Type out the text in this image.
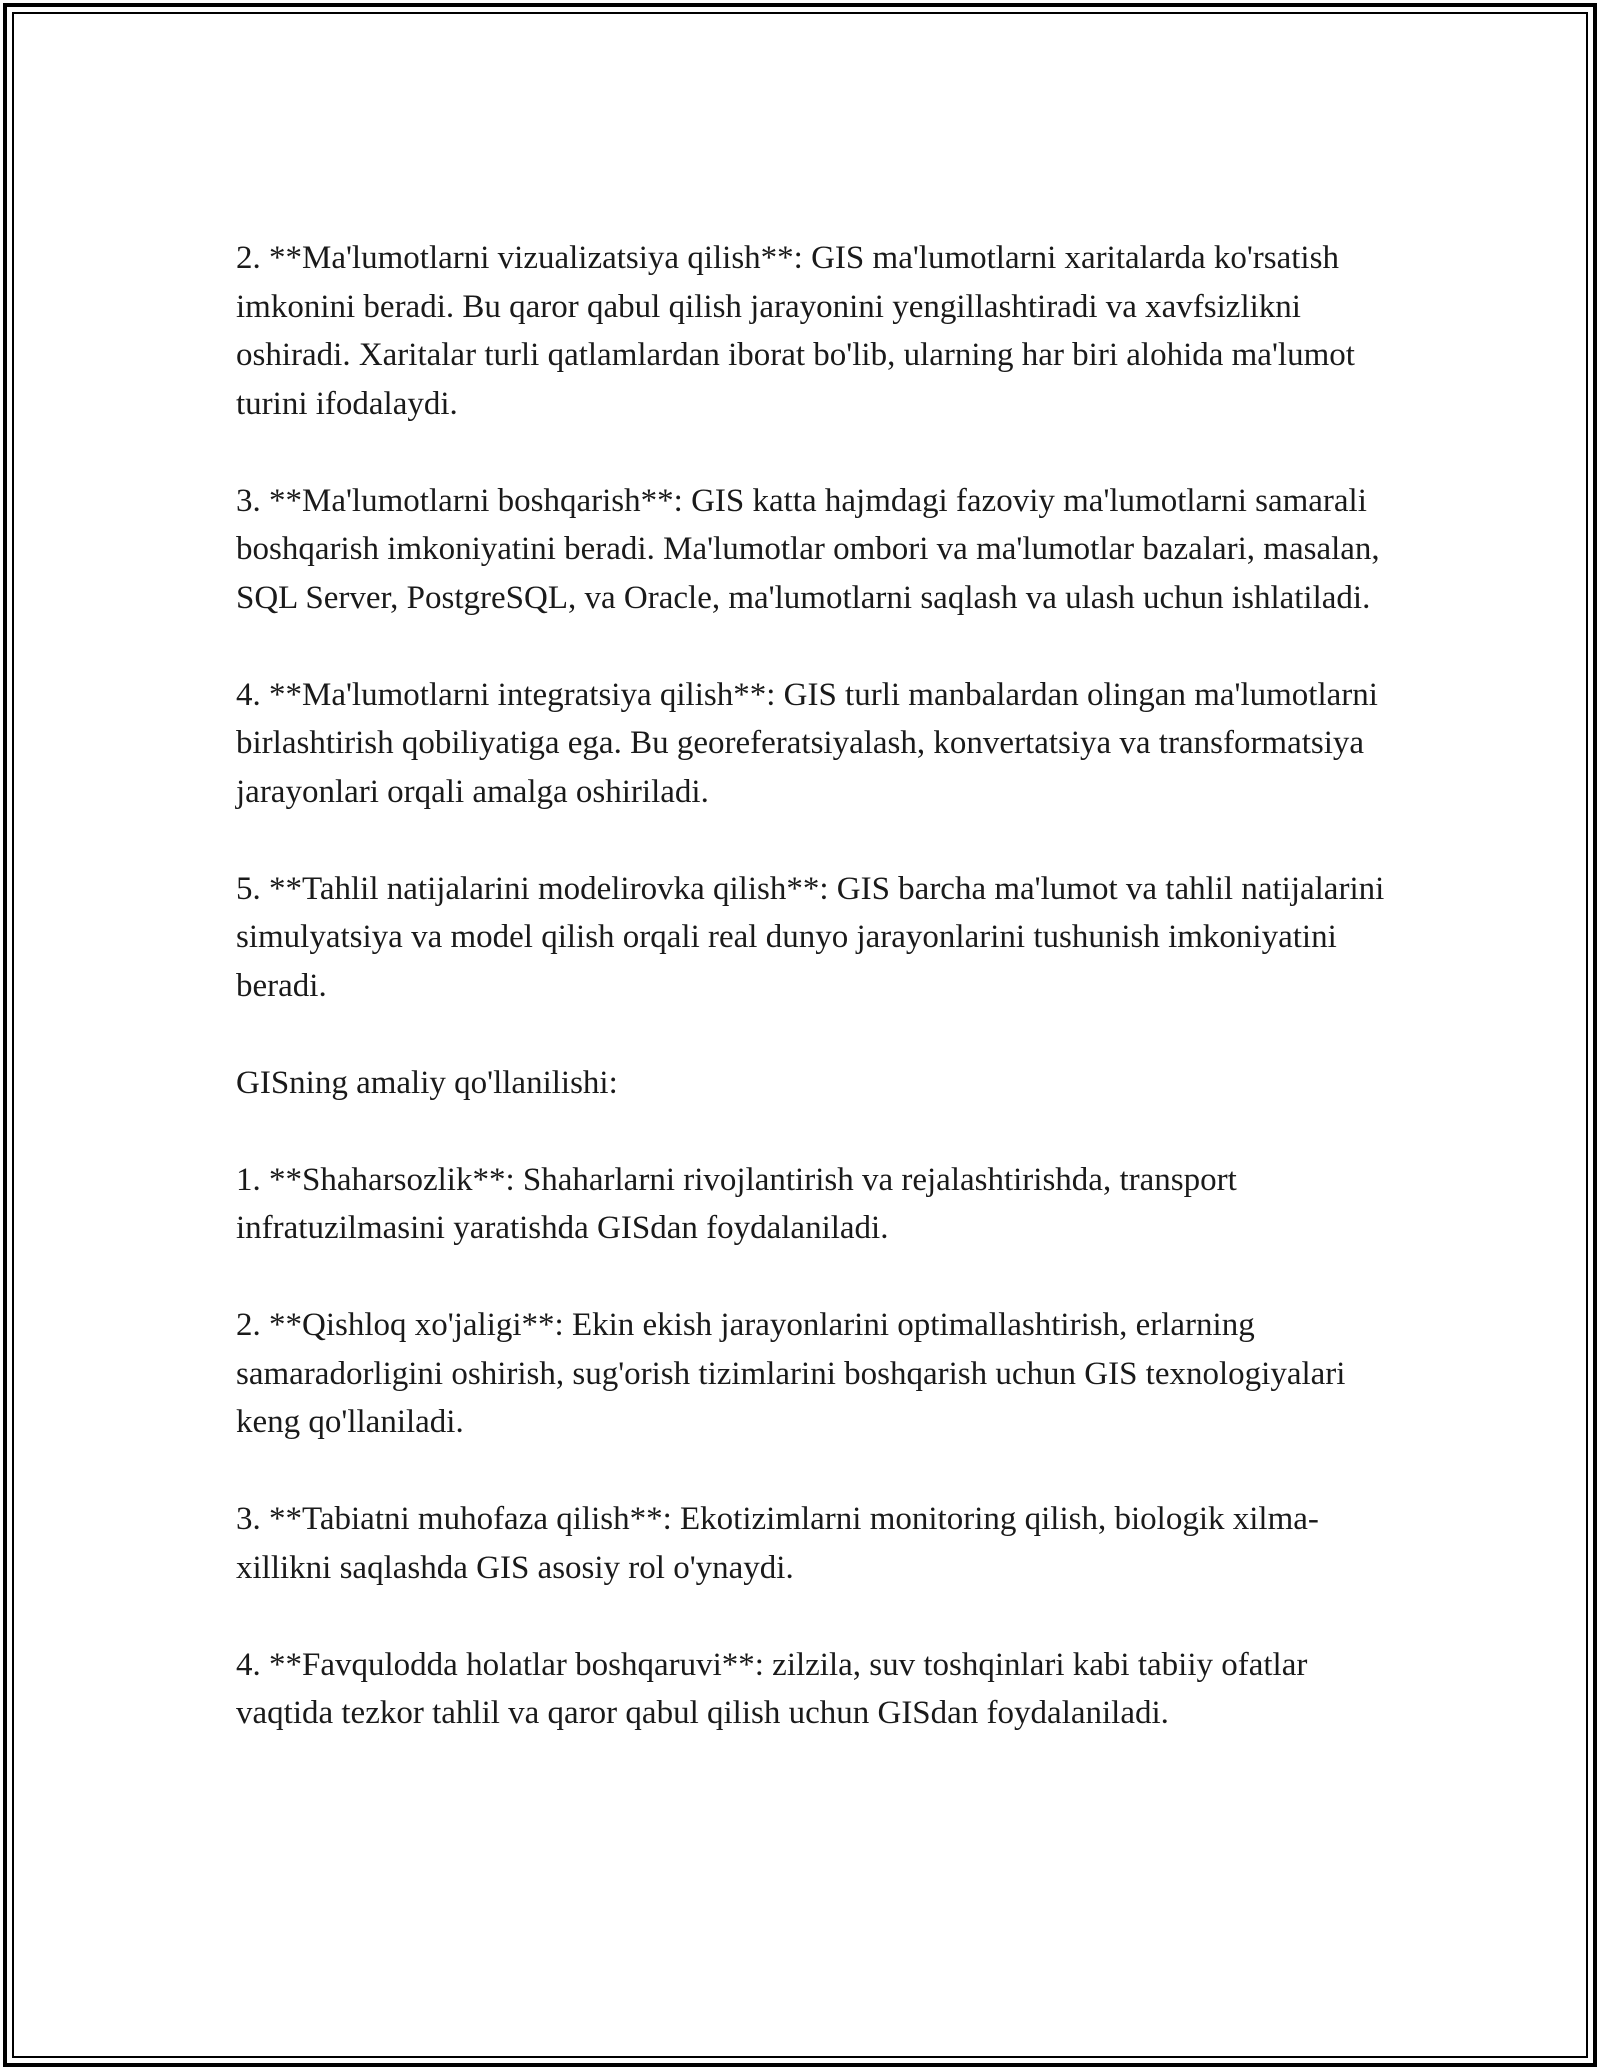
2. **Ma'lumotlarni vizualizatsiya qilish**: GIS ma'lumotlarni xaritalarda ko'rsatish imkonini beradi. Bu qaror qabul qilish jarayonini yengillashtiradi va xavfsizlikni oshiradi. Xaritalar turli qatlamlardan iborat bo'lib, ularning har biri alohida ma'lumot turini ifodalaydi.

3. **Ma'lumotlarni boshqarish**: GIS katta hajmdagi fazoviy ma'lumotlarni samarali boshqarish imkoniyatini beradi. Ma'lumotlar ombori va ma'lumotlar bazalari, masalan, SQL Server, PostgreSQL, va Oracle, ma'lumotlarni saqlash va ulash uchun ishlatiladi.

4. **Ma'lumotlarni integratsiya qilish**: GIS turli manbalardan olingan ma'lumotlarni birlashtirish qobiliyatiga ega. Bu georeferatsiyalash, konvertatsiya va transformatsiya jarayonlari orqali amalga oshiriladi.

5. **Tahlil natijalarini modelirovka qilish**: GIS barcha ma'lumot va tahlil natijalarini simulyatsiya va model qilish orqali real dunyo jarayonlarini tushunish imkoniyatini beradi.

GISning amaliy qo'llanilishi:

1. **Shaharsozlik**: Shaharlarni rivojlantirish va rejalashtirishda, transport infratuzilmasini yaratishda GISdan foydalaniladi.

2. **Qishloq xo'jaligi**: Ekin ekish jarayonlarini optimallashtirish, erlarning samaradorligini oshirish, sug'orish tizimlarini boshqarish uchun GIS texnologiyalari keng qo'llaniladi.

3. **Tabiatni muhofaza qilish**: Ekotizimlarni monitoring qilish, biologik xilma-xillikni saqlashda GIS asosiy rol o'ynaydi.

4. **Favqulodda holatlar boshqaruvi**: zilzila, suv toshqinlari kabi tabiiy ofatlar vaqtida tezkor tahlil va qaror qabul qilish uchun GISdan foydalaniladi.
